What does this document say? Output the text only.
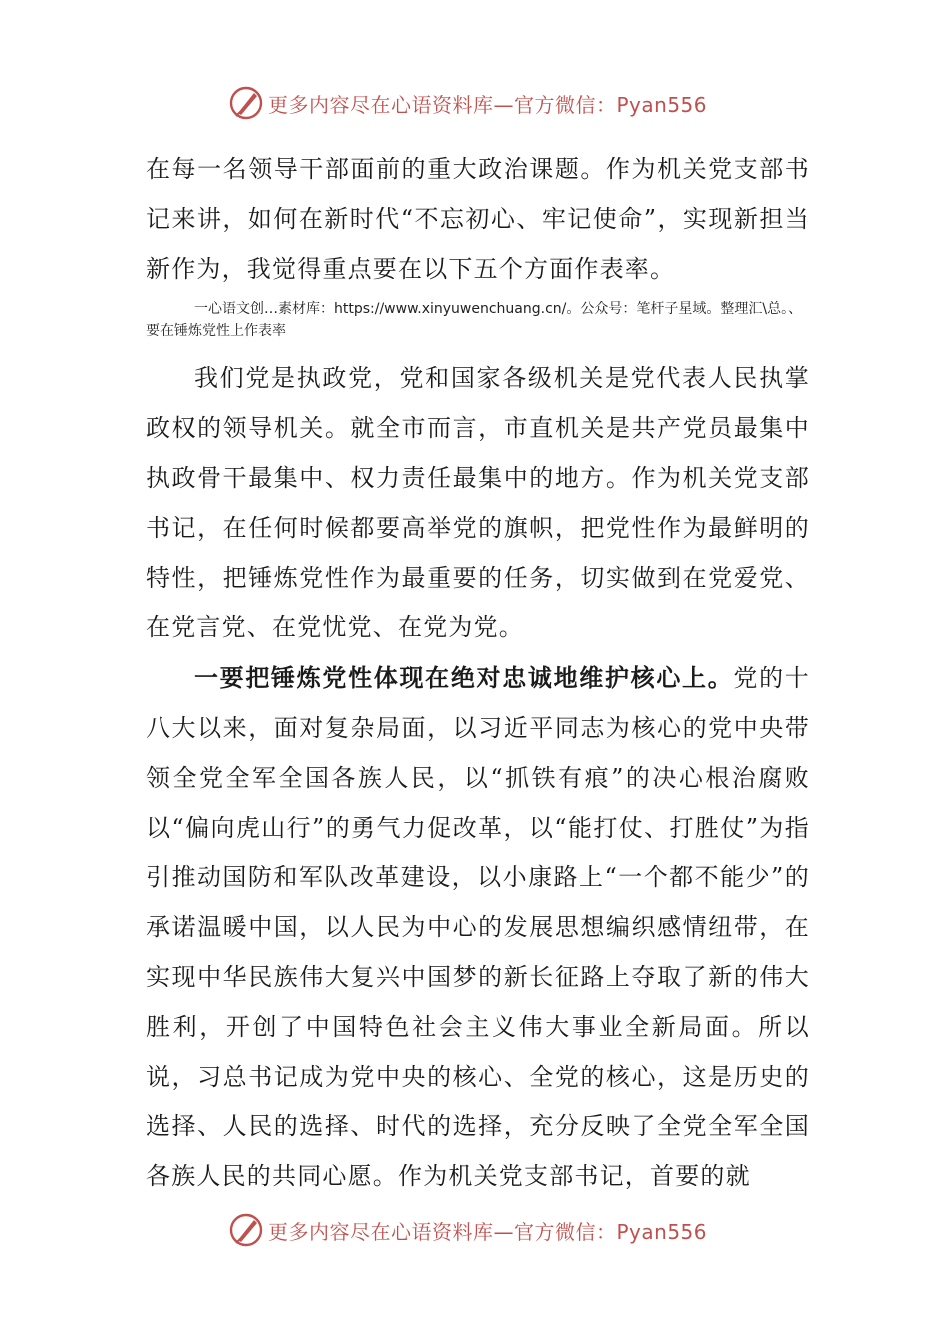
更多内容尽在心语资料库—官方微信：Pyan556

在每一名领导干部面前的重大政治课题。作为机关党支部书记来讲，如何在新时代“不忘初心、牢记使命”，实现新担当新作为，我觉得重点要在以下五个方面作表率。

一心语文创…素材库：https://www.xinyuwenchuang.cn/。公众号：笔杆子星域。整理汇\总。、要在锤炼党性上作表率

我们党是执政党，党和国家各级机关是党代表人民执掌政权的领导机关。就全市而言，市直机关是共产党员最集中执政骨干最集中、权力责任最集中的地方。作为机关党支部书记，在任何时候都要高举党的旗帜，把党性作为最鲜明的特性，把锤炼党性作为最重要的任务，切实做到在党爱党、在党言党、在党忧党、在党为党。

一要把锤炼党性体现在绝对忠诚地维护核心上。党的十八大以来，面对复杂局面，以习近平同志为核心的党中央带领全党全军全国各族人民，以“抓铁有痕”的决心根治腐败以“偏向虎山行”的勇气力促改革，以“能打仗、打胜仗”为指引推动国防和军队改革建设，以小康路上“一个都不能少”的承诺温暖中国，以人民为中心的发展思想编织感情纽带，在实现中华民族伟大复兴中国梦的新长征路上夺取了新的伟大胜利，开创了中国特色社会主义伟大事业全新局面。所以说，习总书记成为党中央的核心、全党的核心，这是历史的选择、人民的选择、时代的选择，充分反映了全党全军全国各族人民的共同心愿。作为机关党支部书记，首要的就

更多内容尽在心语资料库—官方微信：Pyan556
